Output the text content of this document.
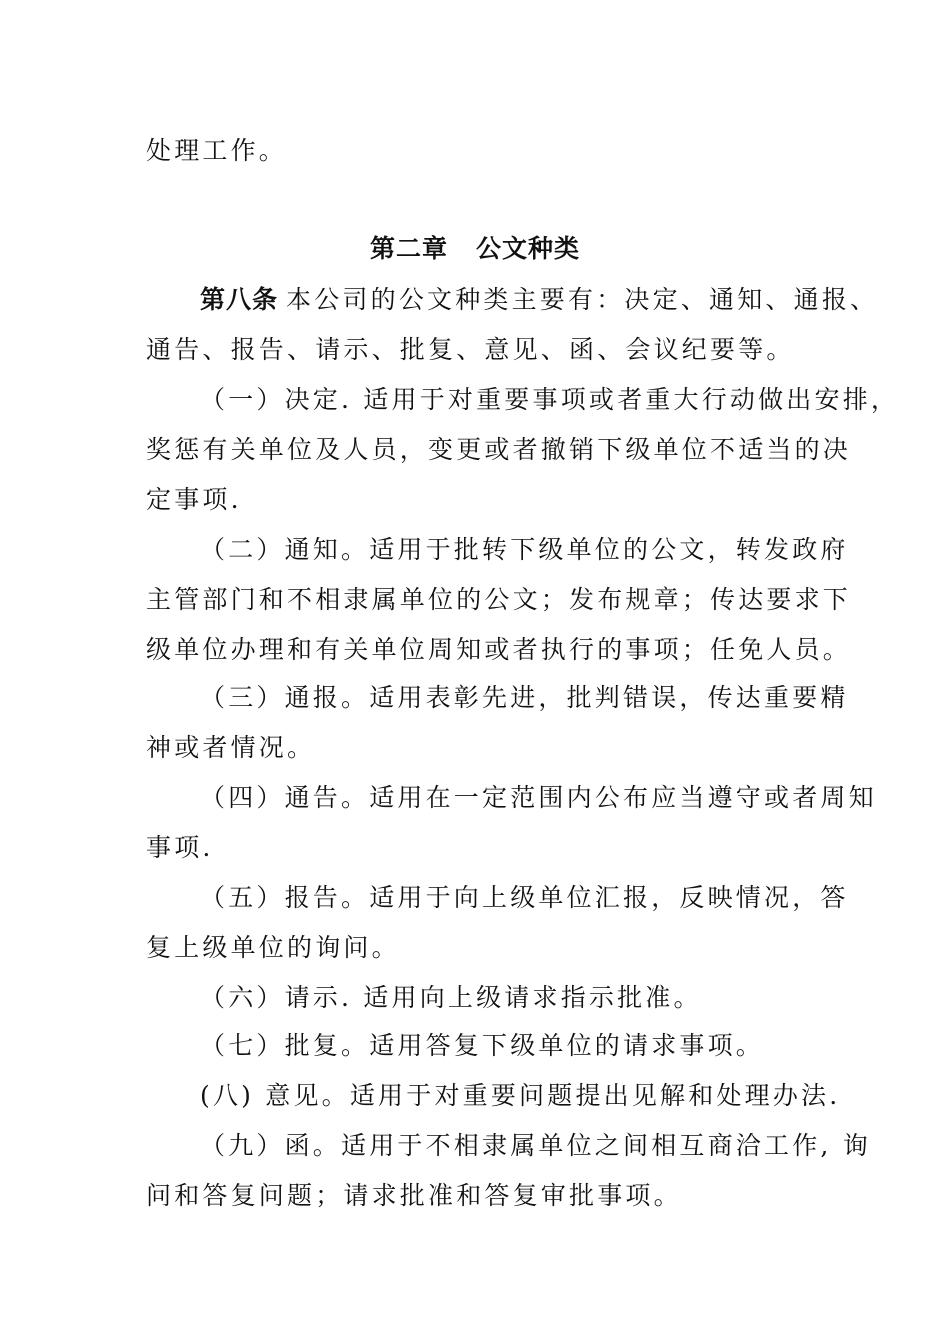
处理工作。

第二章 公文种类

第八条 本公司的公文种类主要有：决定、通知、通报、

通告、报告、请示、批复、意见、函、会议纪要等。

（一）决定. 适用于对重要事项或者重大行动做出安排，

奖惩有关单位及人员，变更或者撤销下级单位不适当的决

定事项.

（二）通知。适用于批转下级单位的公文，转发政府

主管部门和不相隶属单位的公文；发布规章；传达要求下

级单位办理和有关单位周知或者执行的事项；任免人员。

（三）通报。适用表彰先进，批判错误，传达重要精

神或者情况。

（四）通告。适用在一定范围内公布应当遵守或者周知

事项.

（五）报告。适用于向上级单位汇报，反映情况，答

复上级单位的询问。

（六）请示. 适用向上级请求指示批准。

（七）批复。适用答复下级单位的请求事项。

(八) 意见。适用于对重要问题提出见解和处理办法.

（九）函。适用于不相隶属单位之间相互商洽工作, 询

问和答复问题；请求批准和答复审批事项。
